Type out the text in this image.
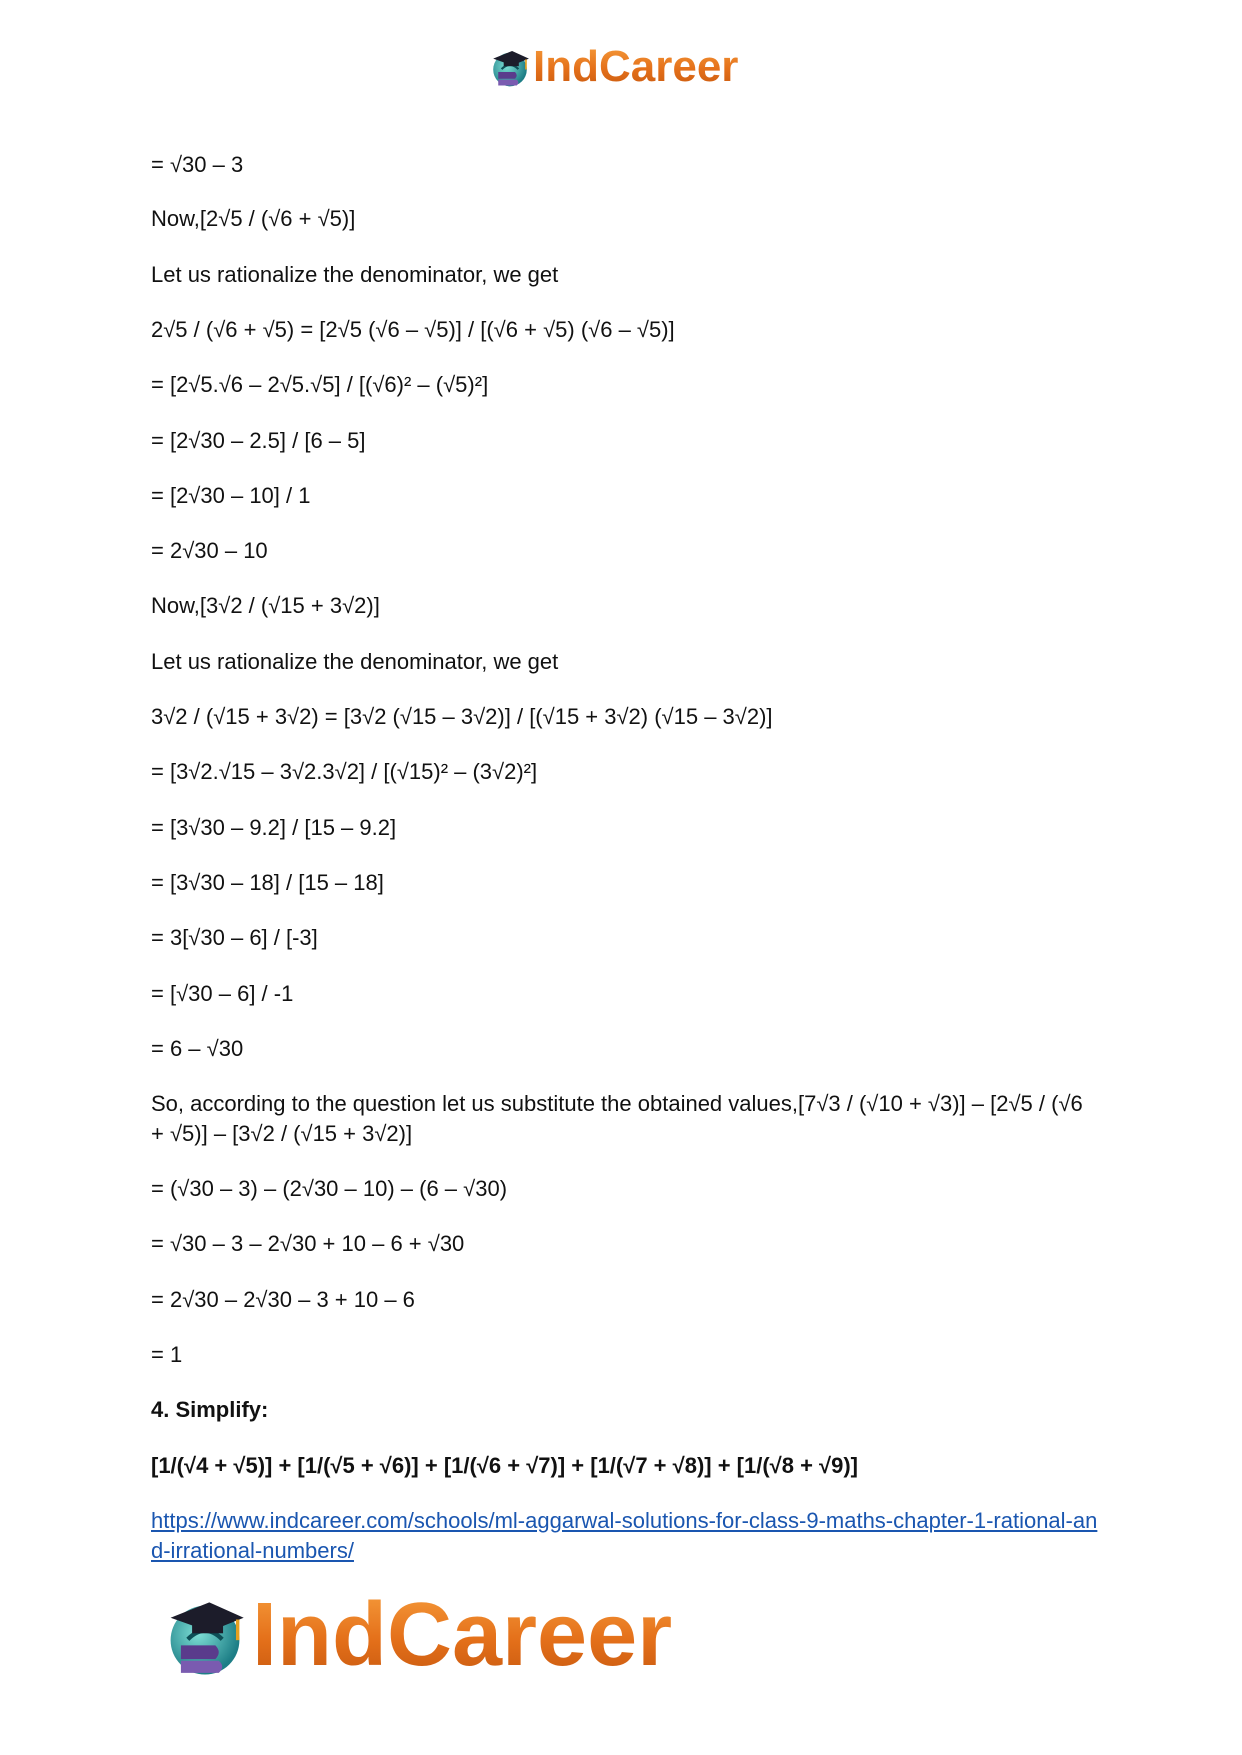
IndCareer
= √30 – 3
Now,[2√5 / (√6 + √5)]
Let us rationalize the denominator, we get
2√5 / (√6 + √5) = [2√5 (√6 – √5)] / [(√6 + √5) (√6 – √5)]
= [2√5.√6 – 2√5.√5] / [(√6)² – (√5)²]
= [2√30 – 2.5] / [6 – 5]
= [2√30 – 10] / 1
= 2√30 – 10
Now,[3√2 / (√15 + 3√2)]
Let us rationalize the denominator, we get
3√2 / (√15 + 3√2) = [3√2 (√15 – 3√2)] / [(√15 + 3√2) (√15 – 3√2)]
= [3√2.√15 – 3√2.3√2] / [(√15)² – (3√2)²]
= [3√30 – 9.2] / [15 – 9.2]
= [3√30 – 18] / [15 – 18]
= 3[√30 – 6] / [-3]
= [√30 – 6] / -1
= 6 – √30
So, according to the question let us substitute the obtained values,[7√3 / (√10 + √3)] – [2√5 / (√6 + √5)] – [3√2 / (√15 + 3√2)]
= (√30 – 3) – (2√30 – 10) – (6 – √30)
= √30 – 3 – 2√30 + 10 – 6 + √30
= 2√30 – 2√30 – 3 + 10 – 6
= 1
4. Simplify:
[1/(√4 + √5)] + [1/(√5 + √6)] + [1/(√6 + √7)] + [1/(√7 + √8)] + [1/(√8 + √9)]
https://www.indcareer.com/schools/ml-aggarwal-solutions-for-class-9-maths-chapter-1-rational-and-irrational-numbers/
IndCareer
